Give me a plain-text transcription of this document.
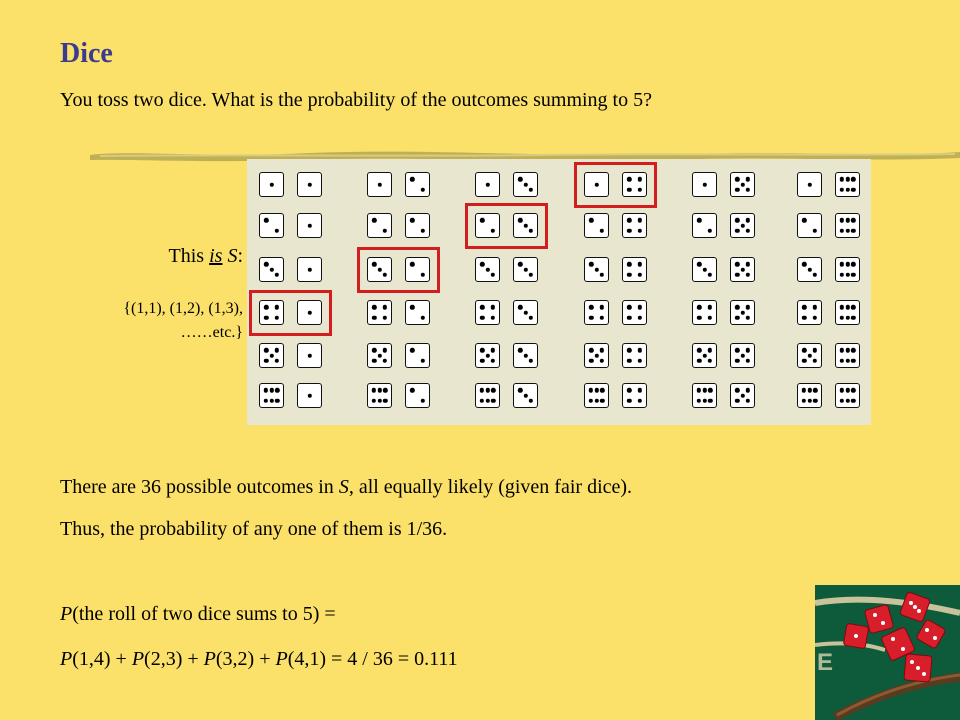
Dice
You toss two dice. What is the probability of the outcomes summing to 5?
This is S:
{(1,1), (1,2), (1,3),
……etc.}
There are 36 possible outcomes in S, all equally likely (given fair dice).
Thus, the probability of any one of them is 1/36.
P(the roll of two dice sums to 5) =
P(1,4) + P(2,3) + P(3,2) + P(4,1) = 4 / 36 = 0.111	E
